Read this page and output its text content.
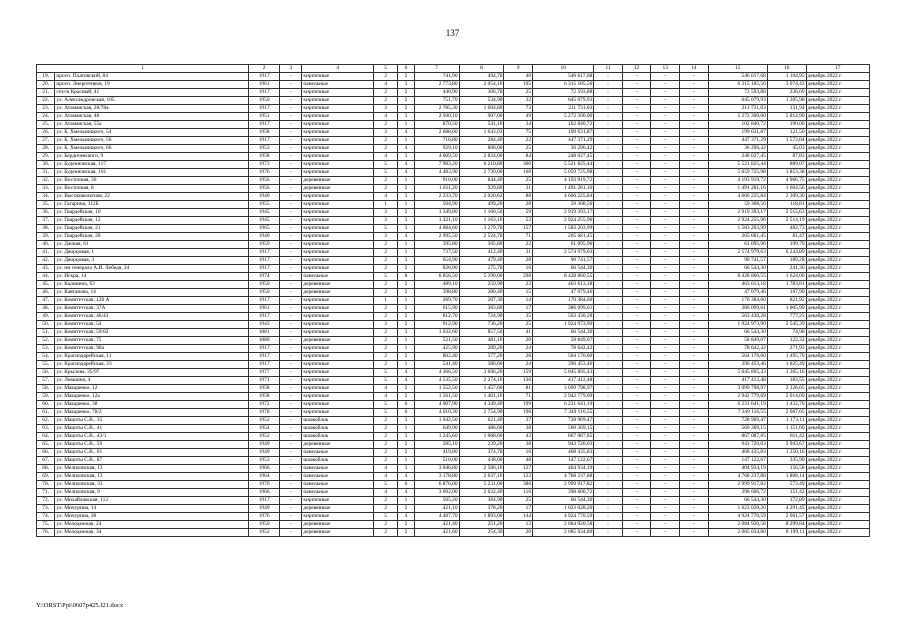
137
1		2	3	4	5	6	7	8	9	10	11	12	13	14	15	16	17
19.	просп. Платовский, 84	1917	-	кирпичные	2	2	741,90	494,70	40	546 617,68	-	-	-	-	546 617,68	1 104,95	декабрь 2022 г.
20.	просп. Энергетиков, 19	1961	-	панельные	4	3	2 773,80	2 054,10	105	6 315 185,56	-	-	-	-	6 315 185,56	3 074,43	декабрь 2022 г.
21.	спуск Красный, 41	1917	-	кирпичные	2	2	440,90	306,70	25	72 593,88	-	-	-	-	72 593,88	236,69	декабрь 2022 г.
22.	ул. Александровская, 105	1950	-	кирпичные	2	2	751,70	534,90	32	645 079,93	-	-	-	-	645 079,93	1 205,98	декабрь 2022 г.
23.	ул. Атаманская, 28/78а	1917	-	кирпичные	3	2	2 785,30	1 604,80	73	211 731,03	-	-	-	-	211 731,03	131,94	декабрь 2022 г.
24.	ул. Атаманская, 48	1951	-	кирпичные	4	3	2 500,10	907,00	49	5 272 300,00	-	-	-	-	5 272 300,00	5 812,90	декабрь 2022 г.
25.	ул. Атаманская, 55а	1917	-	кирпичные	2	1	870,50	541,10	34	102 840,72	-	-	-	-	102 840,72	190,06	декабрь 2022 г.
26.	ул. Б. Хмельницкого, 54	1958	-	кирпичные	3	4	2 688,60	1 643,03	75	199 631,87	-	-	-	-	199 631,87	121,50	декабрь 2022 г.
27.	ул. Б. Хмельницкого, 56	1917	-	кирпичные	2	1	716,80	284,40	22	447 371,29	-	-	-	-	447 371,29	1 573,04	декабрь 2022 г.
28.	ул. Б. Хмельницкого, 66	1953	-	кирпичные	2	4	929,10	806,00	25	36 296,42	-	-	-	-	36 296,42	45,03	декабрь 2022 г.
29.	ул. Бердичевского, 9	1958	-	кирпичные	4	3	4 009,50	2 824,00	84	248 027,45	-	-	-	-	248 027,45	87,83	декабрь 2022 г.
30.	ул. Буденновская, 117	1973	-	кирпичные	5	4	7 983,20	6 210,80	300	5 521 825,44	-	-	-	-	5 521 825,44	889,07	декабрь 2022 г.
31.	ул. Буденновская, 161	1976	-	кирпичные	5	4	4 483,90	2 730,00	168	5 059 725,98	-	-	-	-	5 059 725,98	1 853,38	декабрь 2022 г.
32.	ул. Восточная, 30	1956	-	деревянные	2	1	910,00	844,40	25	4 193 919,72	-	-	-	-	4 193 919,72	4 966,75	декабрь 2022 г.
33.	ул. Восточная, 8	1956	-	деревянные	2	2	1 011,20	929,80	31	1 491 281,16	-	-	-	-	1 491 281,16	1 604,56	декабрь 2022 г.
34.	ул. Высоковольтная, 22	1940	-	кирпичные	4	3	2 233,70	2 020,62	88	4 666 225,84	-	-	-	-	4 666 225,84	2 309,30	декабрь 2022 г.
35.	ул. Гагарина, 112Б	1955	-	кирпичные	1	1	504,90	499,20	28	59 308,56	-	-	-	-	59 308,56	118,81	декабрь 2022 г.
36.	ул. Гвардейская, 10	1945	-	кирпичные	3	2	1 349,80	1 160,50	59	2 919 393,17	-	-	-	-	2 919 393,17	2 515,63	декабрь 2022 г.
37.	ул. Гвардейская, 12	1945	-	кирпичные	3	3	1 321,10	1 163,10	53	2 924 255,96	-	-	-	-	2 924 255,96	2 514,19	декабрь 2022 г.
38.	ул. Гвардейская, 21	1965	-	кирпичные	5	3	4 084,60	3 279,70	157	1 583 203,99	-	-	-	-	1 583 203,99	482,73	декабрь 2022 г.
39.	ул. Гвардейская, 28	1940	-	кирпичные	3	4	2 995,50	2 524,70	71	205 681,45	-	-	-	-	205 681,45	81,47	декабрь 2022 г.
40.	ул. Дачная, 61	1959	-	кирпичные	2	1	395,80	305,80	22	61 095,96	-	-	-	-	61 095,96	199,79	декабрь 2022 г.
41.	ул. Дворцовая, 1	1917	-	кирпичные	2	1	737,50	412,40	31	2 574 979,63	-	-	-	-	2 574 979,63	6 243,89	декабрь 2022 г.
42.	ул. Дворцовая, 3	1917	-	кирпичные	2	3	654,90	479,40	28	90 741,57	-	-	-	-	90 741,57	189,28	декабрь 2022 г.
43.	ул. им генерала А.И. Лебедя, 24	1917	-	кирпичные	2	2	826,90	275,70	16	66 544,30	-	-	-	-	66 544,30	241,36	декабрь 2022 г.
44.	ул. Искра, 14	1974	-	панельные	5	8	6 856,50	5 190,00	298	8 428 860,55	-	-	-	-	8 428 860,55	1 624,06	декабрь 2022 г.
45.	ул. Калинина, 63	1950	-	деревянные	2	2	489,10	259,90	23	463 613,18	-	-	-	-	463 613,18	1 783,81	декабрь 2022 г.
46.	ул. Кавтанова, 14	1950	-	деревянные	2	2	398,80	280,40	15	47 079,46	-	-	-	-	47 079,46	167,90	декабрь 2022 г.
47.	ул. Комитетская, 126 А	1917	-	кирпичные	1	1	269,70	207,30	14	170 384,60	-	-	-	-	170 384,60	821,92	декабрь 2022 г.
48.	ул. Комитетская, 37А	1961	-	кирпичные	2	2	615,90	383,80	17	386 099,61	-	-	-	-	386 099,61	1 005,99	декабрь 2022 г.
49.	ул. Комитетская, 46/43	1917	-	кирпичные	2	2	812,70	724,90	35	563 430,28	-	-	-	-	563 430,28	777,25	декабрь 2022 г.
50.	ул. Комитетская, 54	1943	-	кирпичные	3	2	912,90	736,20	25	1 924 973,90	-	-	-	-	1 924 973,90	2 545,39	декабрь 2022 г.
51.	ул. Комитетская, 59/62	1881	-	кирпичные	2	3	1 032,60	857,50	41	66 544,30	-	-	-	-	66 544,30	74,98	декабрь 2022 г.
52.	ул. Комитетская, 75	1880	-	деревянные	2	1	521,50	481,10	20	58 849,07	-	-	-	-	58 849,07	122,32	декабрь 2022 г.
53.	ул. Комитетская, 90а	1917	-	кирпичные	2	1	425,90	289,20	24	78 642,42	-	-	-	-	78 642,42	271,93	декабрь 2022 г.
54.	ул. Краснодарейская, 11	1917	-	кирпичные	2	2	802,40	377,20	26	564 176,60	-	-	-	-	564 176,60	1 495,70	декабрь 2022 г.
55.	ул. Краснодарейская, 23	1917	-	кирпичные	2	1	541,40	386,60	24	396 453,46	-	-	-	-	396 453,46	1 025,49	декабрь 2022 г.
56.	ул. Крылова, 35/97	1977	-	кирпичные	5	4	4 366,50	3 696,20	159	5 045 895,43	-	-	-	-	5 045 895,43	1 365,16	декабрь 2022 г.
57.	ул. Левшина, 4	1971	-	кирпичные	5	4	4 535,50	2 274,10	136	417 412,48	-	-	-	-	417 412,48	183,55	декабрь 2022 г.
58.	ул. Макаренко, 12	1958	-	кирпичные	4	2	1 552,50	1 457,60	81	3 099 798,97	-	-	-	-	3 099 798,97	2 126,65	декабрь 2022 г.
59.	ул. Макаренко, 12а	1958	-	кирпичные	4	2	1 561,50	1 401,10	71	2 942 779,69	-	-	-	-	2 942 779,69	2 014,09	декабрь 2022 г.
60.	ул. Макаренко, 38	1972	-	кирпичные	5	6	4 907,90	4 349,40	199	6 231 641,19	-	-	-	-	6 231 641,19	1 432,76	декабрь 2022 г.
61.	ул. Макаренко, 78/2	1978	-	кирпичные	5	6	4 010,30	2 754,90	196	7 349 116,55	-	-	-	-	7 349 116,55	2 667,65	декабрь 2022 г.
62.	ул. Мацоты С.В., 35	1952	-	шлакоблок	2	3	1 042,50	621,40	37	728 969,47	-	-	-	-	728 969,47	1 173,11	декабрь 2022 г.
63.	ул. Мацоты С.В., 41	1954	-	шлакоблок	2	1	649,90	486,60	38	560 369,15	-	-	-	-	560 369,15	1 151,60	декабрь 2022 г.
64.	ул. Мацоты С.В., 43/1	1952	-	шлакоблок	2	3	1 245,60	1 068,60	43	867 087,85	-	-	-	-	867 087,85	811,42	декабрь 2022 г.
65.	ул. Мацоты С.В., 59	1949	-	деревянные	2	2	285,10	239,20	38	943 720,03	-	-	-	-	943 720,03	3 943,67	декабрь 2022 г.
66.	ул. Мацоты С.В., 61	1949	-	панельные	2	2	419,80	374,70	16	468 435,83	-	-	-	-	468 435,83	1 250,16	декабрь 2022 г.
67.	ул. Мацоты С.В., 87	1953	-	шлакоблок	2	1	510,00	438,00	48	147 122,67	-	-	-	-	147 122,67	335,90	декабрь 2022 г.
68.	ул. Мелиховская, 13	1966	-	панельные	4	3	3 046,80	2 586,10	127	404 934,19	-	-	-	-	404 934,19	156,58	декабрь 2022 г.
69.	ул. Мелиховская, 13	1964	-	панельные	4	4	3 178,80	2 637,10	123	4 768 237,88	-	-	-	-	4 768 237,88	1 808,14	декабрь 2022 г.
70.	ул. Мелиховская, 33	1970	-	панельные	5	6	6 876,00	5 231,00	386	2 999 917,82	-	-	-	-	2 999 917,82	573,49	декабрь 2022 г.
71.	ул. Мелиховская, 9	1966	-	панельные	4	4	3 092,00	2 632,40	116	398 606,72	-	-	-	-	398 606,72	151,42	декабрь 2022 г.
72.	ул. Михайловская, 112	1917	-	кирпичные	2	1	505,20	384,90	25	66 544,30	-	-	-	-	66 544,30	172,89	декабрь 2022 г.
73.	ул. Мичурина, 14	1949	-	деревянные	2	2	421,10	378,20	17	1 623 028,20	-	-	-	-	1 623 028,20	4 291,45	декабрь 2022 г.
74.	ул. Мичурина, 28	1976	-	кирпичные	5	4	4 407,70	1 893,00	144	4 924 770,59	-	-	-	-	4 924 770,59	2 601,57	декабрь 2022 г.
75.	ул. Молодежная, 24	1950	-	деревянные	2	2	421,40	251,20	13	2 084 920,58	-	-	-	-	2 084 920,58	8 299,84	декабрь 2022 г.
76.	ул. Молодежная, 34	1952	-	деревянные	2	2	421,60	254,30	20	2 085 034,80	-	-	-	-	2 085 034,80	8 199,11	декабрь 2022 г.
Y:\ORST\Ppi\0607p425.f21.docx
